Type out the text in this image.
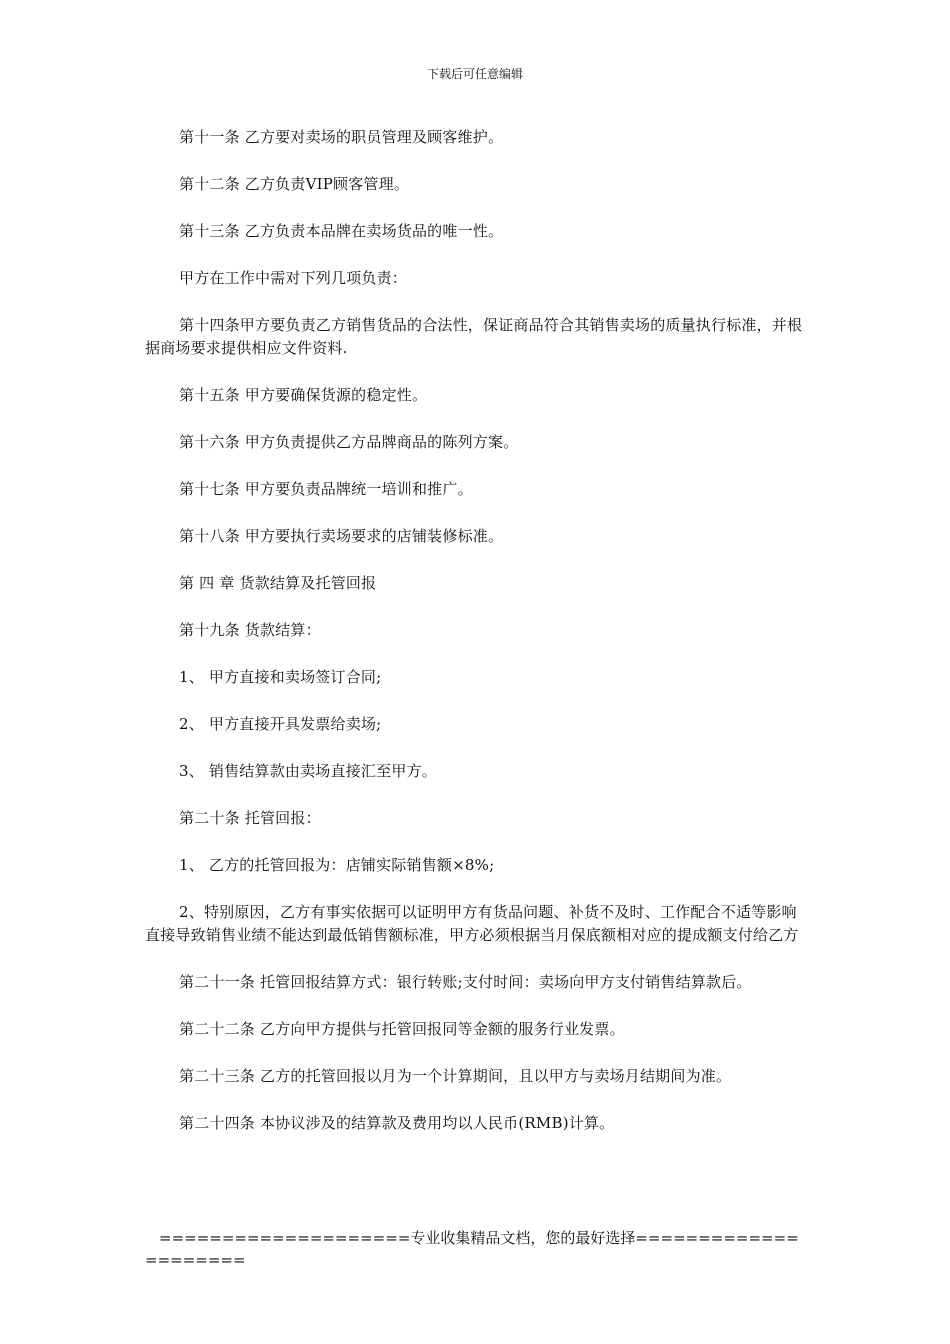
下载后可任意编辑

第十一条 乙方要对卖场的职员管理及顾客维护。

第十二条 乙方负责VIP顾客管理。

第十三条 乙方负责本品牌在卖场货品的唯一性。

甲方在工作中需对下列几项负责：

第十四条甲方要负责乙方销售货品的合法性，保证商品符合其销售卖场的质量执行标准，并根据商场要求提供相应文件资料.

第十五条 甲方要确保货源的稳定性。

第十六条 甲方负责提供乙方品牌商品的陈列方案。

第十七条 甲方要负责品牌统一培训和推广。

第十八条 甲方要执行卖场要求的店铺装修标准。

第 四 章 货款结算及托管回报

第十九条 货款结算：

1、 甲方直接和卖场签订合同;

2、 甲方直接开具发票给卖场;

3、 销售结算款由卖场直接汇至甲方。

第二十条 托管回报：

1、 乙方的托管回报为：店铺实际销售额×8%;

2、特别原因，乙方有事实依据可以证明甲方有货品问题、补货不及时、工作配合不适等影响直接导致销售业绩不能达到最低销售额标准，甲方必须根据当月保底额相对应的提成额支付给乙方

第二十一条 托管回报结算方式：银行转账;支付时间：卖场向甲方支付销售结算款后。

第二十二条 乙方向甲方提供与托管回报同等金额的服务行业发票。

第二十三条 乙方的托管回报以月为一个计算期间，且以甲方与卖场月结期间为准。

第二十四条 本协议涉及的结算款及费用均以人民币(RMB)计算。

====================专业收集精品文档，您的最好选择=====================
